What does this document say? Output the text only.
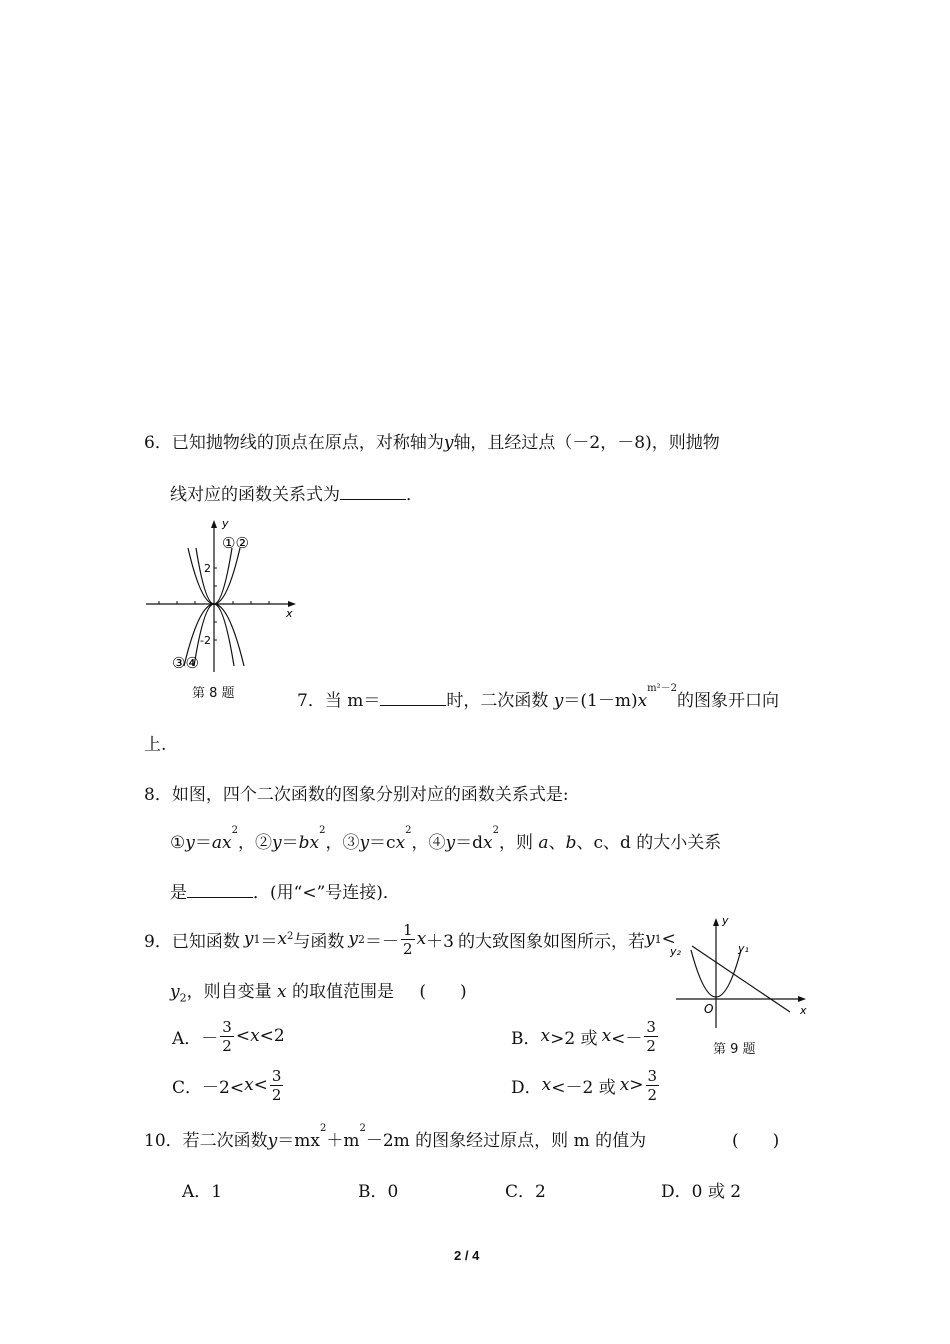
6．已知抛物线的顶点在原点，对称轴为y轴，且经过点（－2，－8)，则抛物
线对应的函数关系式为	．
y
x
2
-2
①②
③④
第 8 题	7．当 m＝	时，二次函数 $y=(1-m)x^{m^2-2}$的图象开口向
上.
8．如图，四个二次函数的图象分别对应的函数关系式是:
$①y=ax^2$，$②y=bx^2$，$③y=cx^2$，$④y=dx^2$，则 a、b、c、d 的大小关系
是	．(用“<”号连接)．
9． 已知函数 y $1 = x^2$ 与函数 y $2 =- \frac{1}{2}$ x ＋3 的大致图象如图所示，若 y 1 <
$y_2$，则自变量 x 的取值范围是 (　　)
A．－ $\frac{3}{2} < x <2$	B． x >2 或 $x <- \frac{3}{2}$
C．$-2< x < \frac{3}{2}$	D． x <－2 或 $x > \frac{3}{2}$
y
x
O
y₁
y₂
第 9 题
10．若二次函数$y=mx^2+m^2-2m$ 的图象经过原点，则 m 的值为	(　　)
A．1	B．0	C．2	D．0 或 2
2 / 4
